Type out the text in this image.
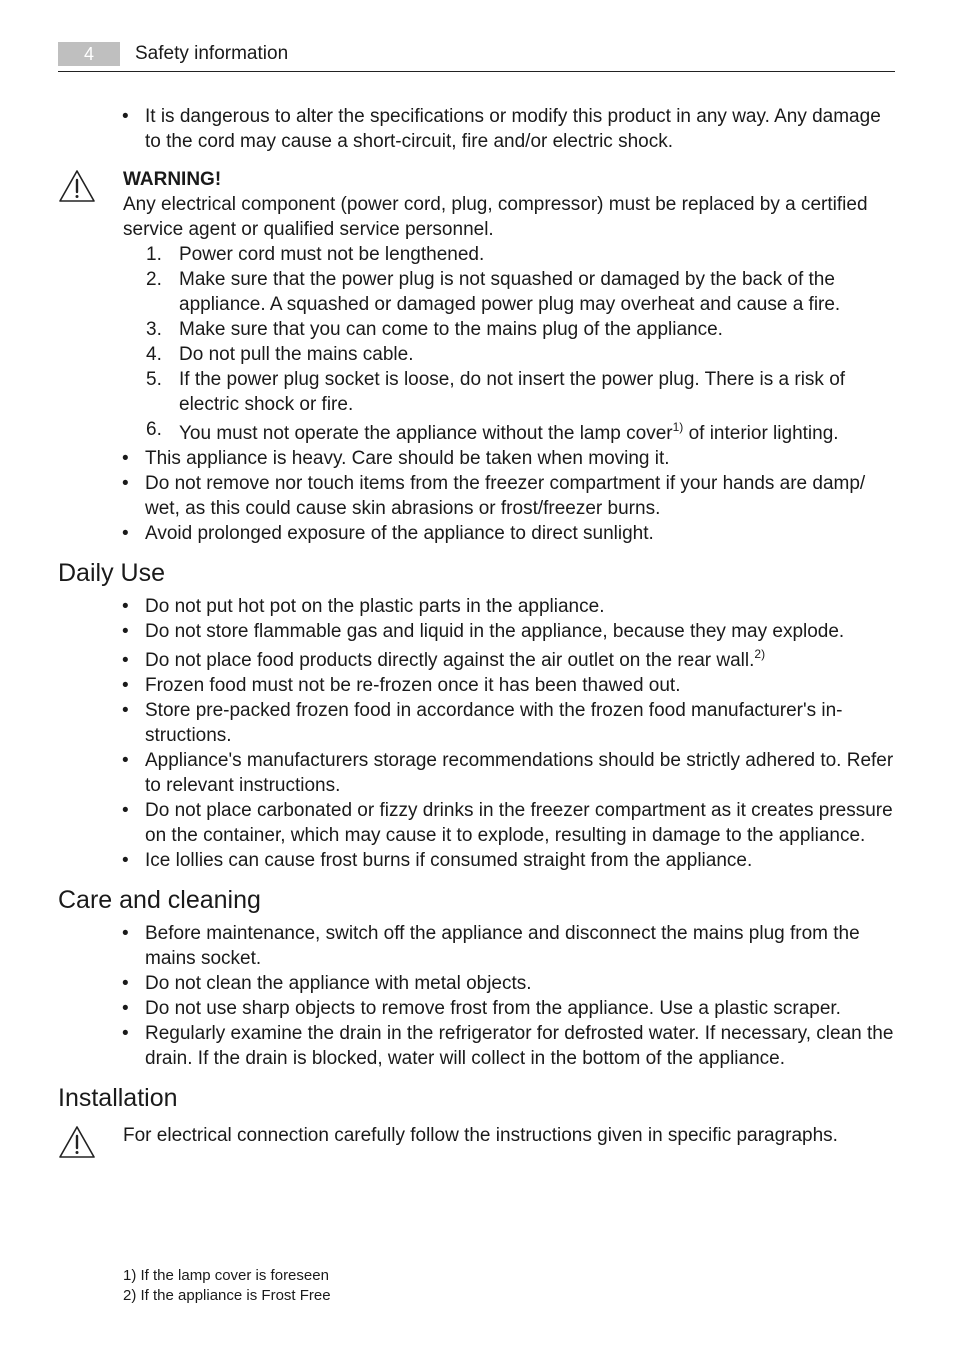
4	Safety information
• It is dangerous to alter the specifications or modify this product in any way. Any damage to the cord may cause a short-circuit, fire and/or electric shock.
WARNING!
Any electrical component (power cord, plug, compressor) must be replaced by a certified service agent or qualified service personnel.
1. Power cord must not be lengthened.
2. Make sure that the power plug is not squashed or damaged by the back of the appliance. A squashed or damaged power plug may overheat and cause a fire.
3. Make sure that you can come to the mains plug of the appliance.
4. Do not pull the mains cable.
5. If the power plug socket is loose, do not insert the power plug. There is a risk of electric shock or fire.
6. You must not operate the appliance without the lamp cover$^{1)}$ of interior lighting.
• This appliance is heavy. Care should be taken when moving it.
• Do not remove nor touch items from the freezer compartment if your hands are damp/ wet, as this could cause skin abrasions or frost/freezer burns.
• Avoid prolonged exposure of the appliance to direct sunlight.
Daily Use
• Do not put hot pot on the plastic parts in the appliance.
• Do not store flammable gas and liquid in the appliance, because they may explode.
• Do not place food products directly against the air outlet on the rear wall.$^{2)}$
• Frozen food must not be re-frozen once it has been thawed out.
• Store pre-packed frozen food in accordance with the frozen food manufacturer's in- structions.
• Appliance's manufacturers storage recommendations should be strictly adhered to. Refer to relevant instructions.
• Do not place carbonated or fizzy drinks in the freezer compartment as it creates pressure on the container, which may cause it to explode, resulting in damage to the appliance.
• Ice lollies can cause frost burns if consumed straight from the appliance.
Care and cleaning
• Before maintenance, switch off the appliance and disconnect the mains plug from the mains socket.
• Do not clean the appliance with metal objects.
• Do not use sharp objects to remove frost from the appliance. Use a plastic scraper.
• Regularly examine the drain in the refrigerator for defrosted water. If necessary, clean the drain. If the drain is blocked, water will collect in the bottom of the appliance.
Installation
For electrical connection carefully follow the instructions given in specific paragraphs.
1) If the lamp cover is foreseen
2) If the appliance is Frost Free
